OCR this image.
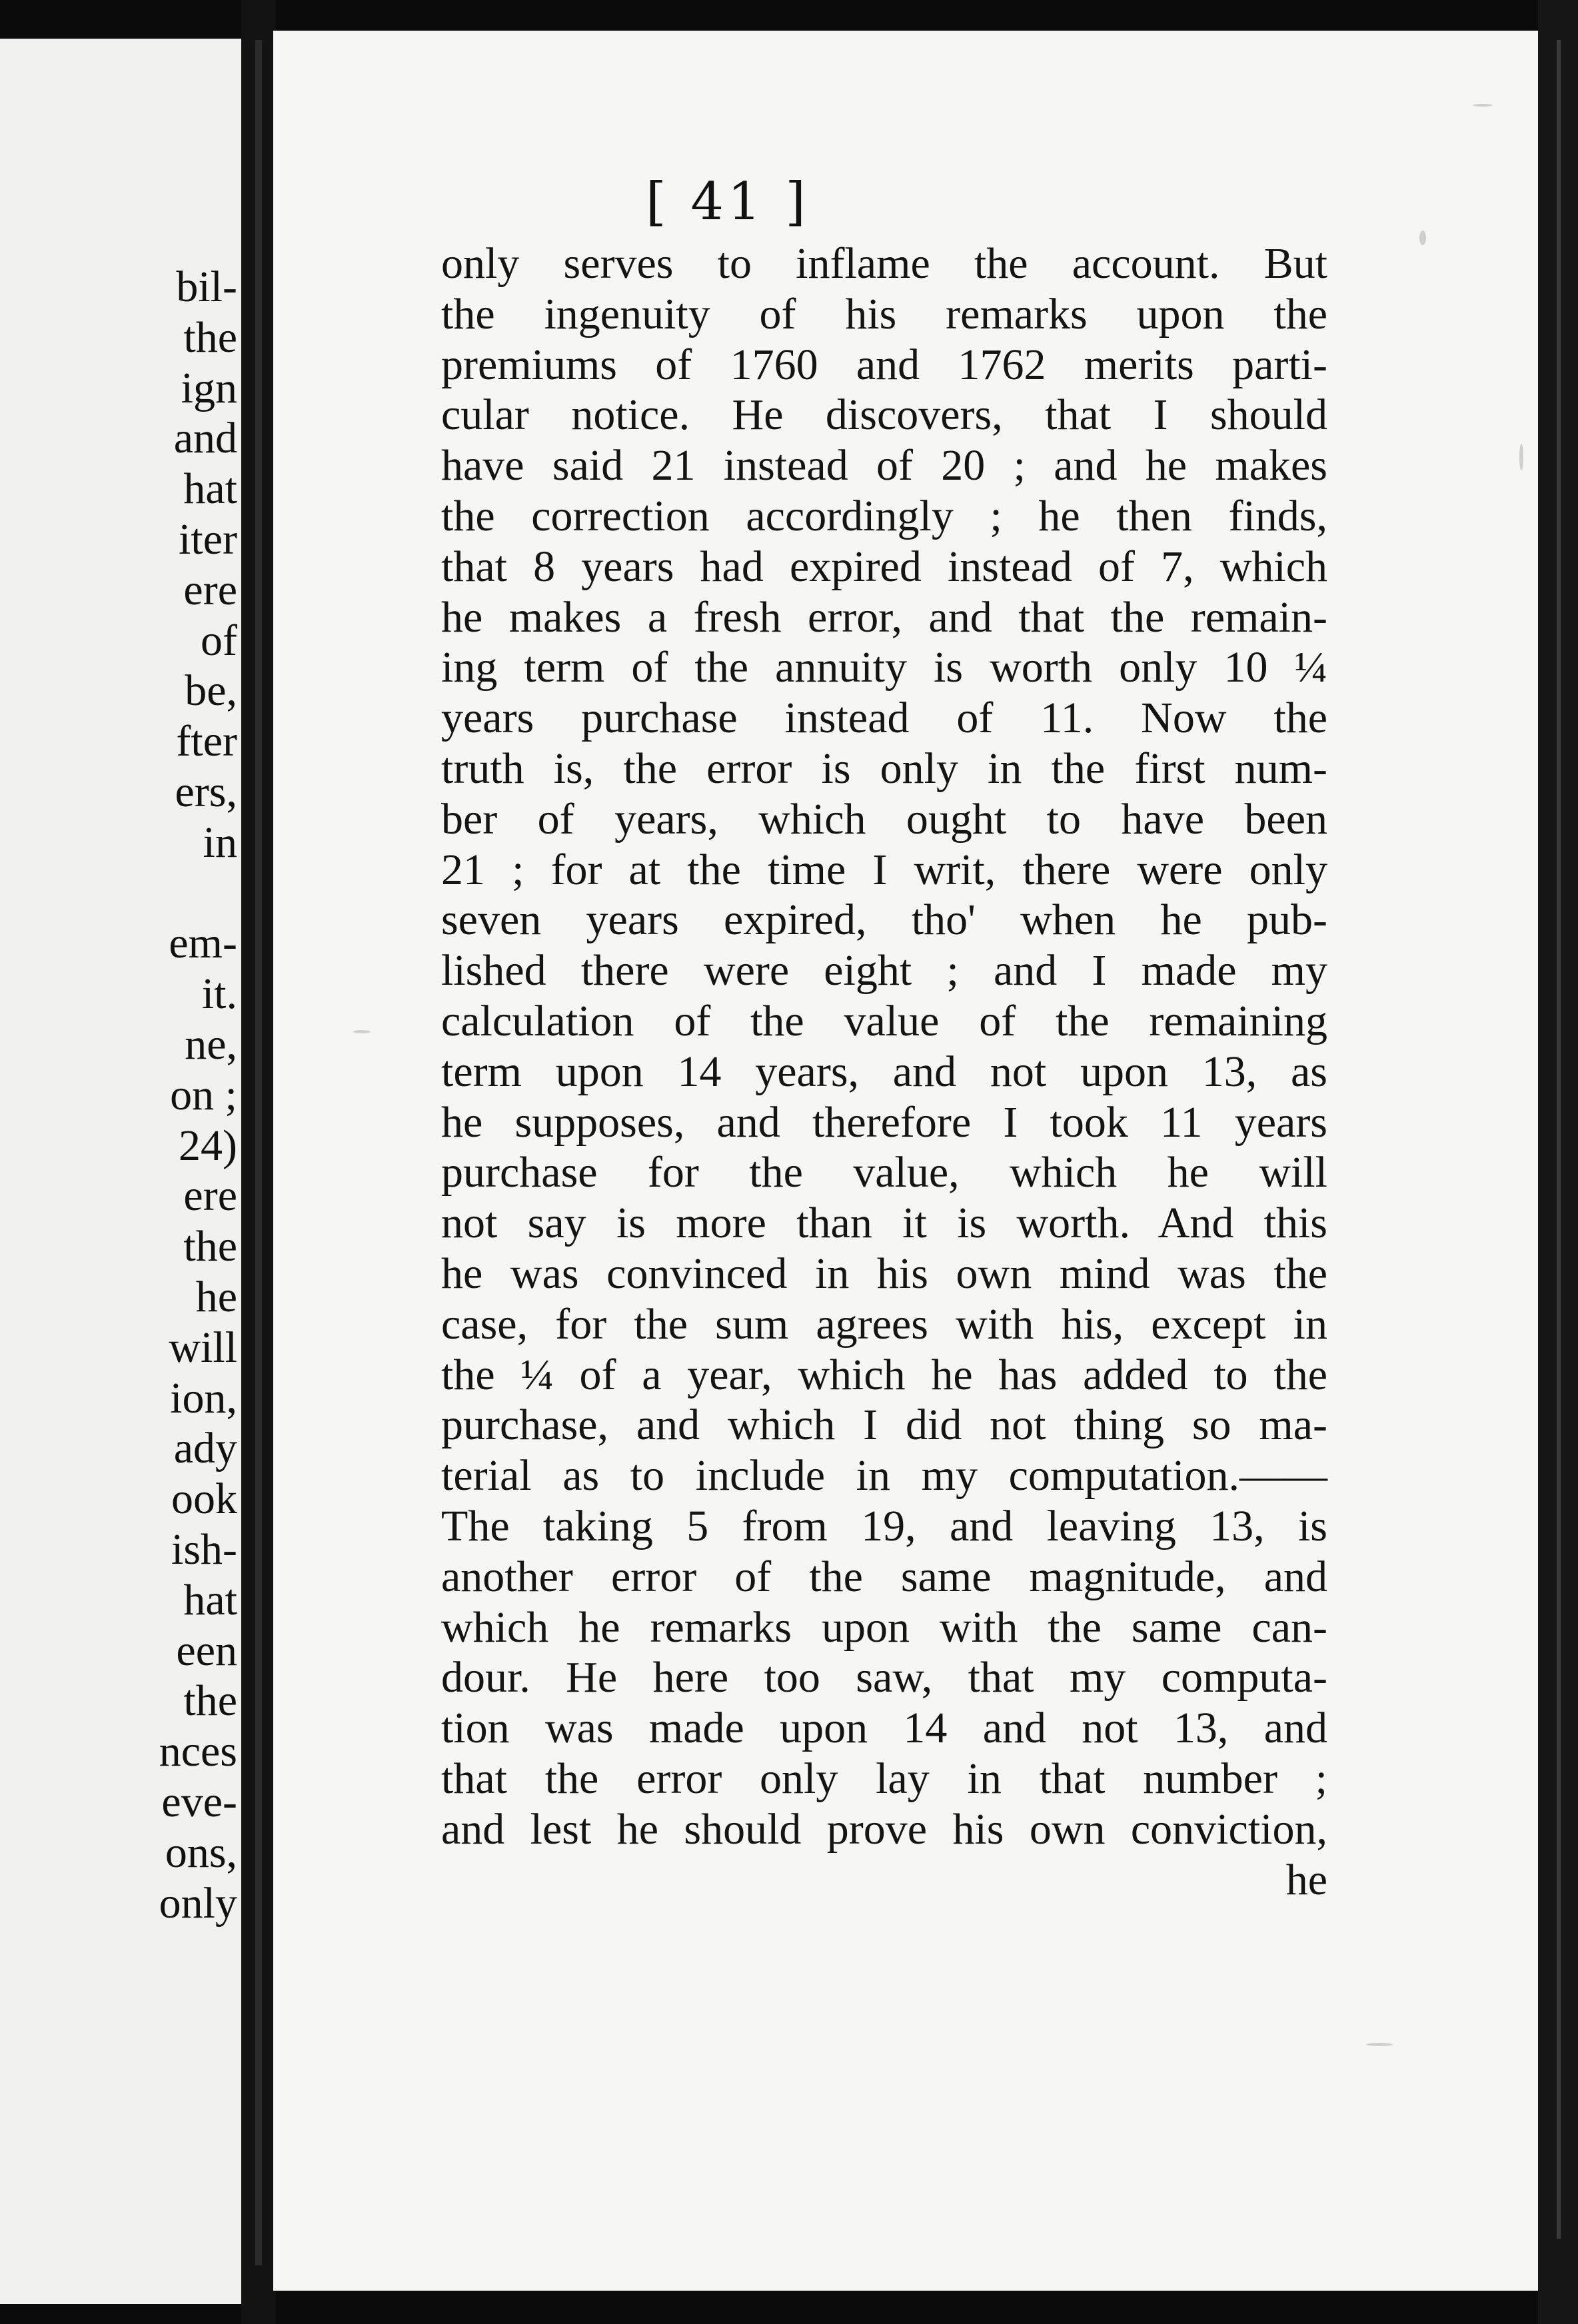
bil-
the
ign
and
hat
iter
ere
of
be,
fter
ers,
in
em-
it.
ne,
on ;
24)
ere
the
he
will
ion,
ady
ook
ish-
hat
een
the
nces
eve-
ons,
only
[ 41 ]
only serves to inflame the account. But
the ingenuity of his remarks upon the
premiums of 1760 and 1762 merits parti-
cular notice. He discovers, that I should
have said 21 instead of 20 ; and he makes
the correction accordingly ; he then finds,
that 8 years had expired instead of 7, which
he makes a fresh error, and that the remain-
ing term of the annuity is worth only 10 ¼
years purchase instead of 11. Now the
truth is, the error is only in the first num-
ber of years, which ought to have been
21 ; for at the time I writ, there were only
seven years expired, tho' when he pub-
lished there were eight ; and I made my
calculation of the value of the remaining
term upon 14 years, and not upon 13, as
he supposes, and therefore I took 11 years
purchase for the value, which he will
not say is more than it is worth. And this
he was convinced in his own mind was the
case, for the sum agrees with his, except in
the ¼ of a year, which he has added to the
purchase, and which I did not thing so ma-
terial as to include in my computation.——
The taking 5 from 19, and leaving 13, is
another error of the same magnitude, and
which he remarks upon with the same can-
dour. He here too saw, that my computa-
tion was made upon 14 and not 13, and
that the error only lay in that number ;
and lest he should prove his own conviction,
he
